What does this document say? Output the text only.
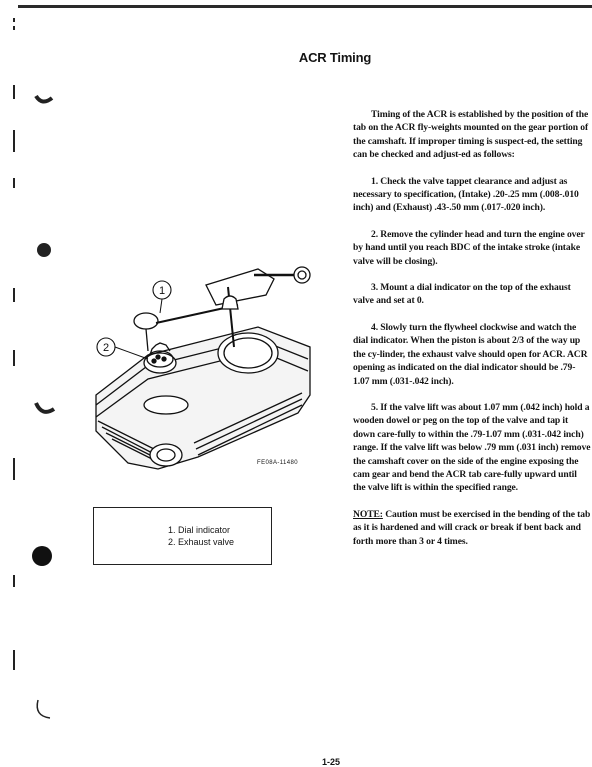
ACR Timing
1
2
FE08A-11480
1. Dial indicator
2. Exhaust valve

Timing of the ACR is established by the position of the tab on the ACR fly-weights mounted on the gear portion of the camshaft. If improper timing is suspect-ed, the setting can be checked and adjust-ed as follows:

1. Check the valve tappet clearance and adjust as necessary to specification, (Intake) .20-.25 mm (.008-.010 inch) and (Exhaust) .43-.50 mm (.017-.020 inch).

2. Remove the cylinder head and turn the engine over by hand until you reach BDC of the intake stroke (intake valve will be closing).

3. Mount a dial indicator on the top of the exhaust valve and set at 0.

4. Slowly turn the flywheel clockwise and watch the dial indicator. When the piston is about 2/3 of the way up the cy-linder, the exhaust valve should open for ACR. ACR opening as indicated on the dial indicator should be .79-1.07 mm (.031-.042 inch).

5. If the valve lift was about 1.07 mm (.042 inch) hold a wooden dowel or peg on the top of the valve and tap it down care-fully to within the .79-1.07 mm (.031-.042 inch) range. If the valve lift was below .79 mm (.031 inch) remove the camshaft cover on the side of the engine exposing the cam gear and bend the ACR tab care-fully upward until the valve lift is within the specified range.

NOTE: Caution must be exercised in the bending of the tab as it is hardened and will crack or break if bent back and forth more than 3 or 4 times.

1-25
